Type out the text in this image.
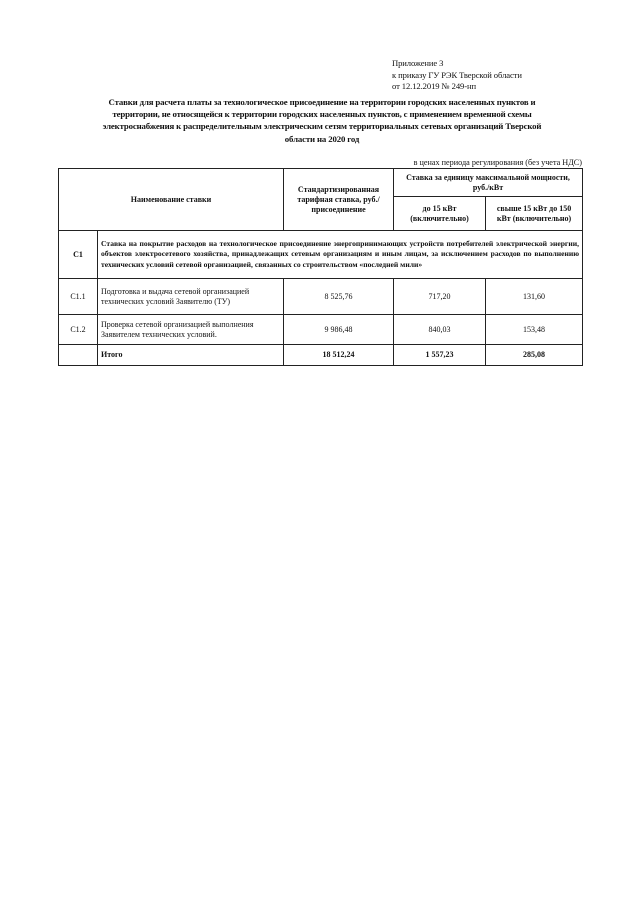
Приложение 3
к приказу ГУ РЭК Тверской области
от 12.12.2019 № 249-нп
Ставки для расчета платы за технологическое присоединение на территории городских населенных пунктов и
территории, не относящейся к территории городских населенных пунктов, с применением временной схемы
электроснабжения к распределительным электрическим сетям территориальных сетевых организаций Тверской
области на 2020 год
в ценах периода регулирования (без учета НДС)
Наименование ставки		Стандартизированная тарифная ставка, руб./присоединение	Ставка за единицу максимальной мощности, руб./кВт	
			до 15 кВт (включительно)	свыше 15 кВт до 150 кВт (включительно)
С1	Ставка на покрытие расходов на технологическое присоединение энергопринимающих устройств потребителей электрической энергии, объектов электросетевого хозяйства, принадлежащих сетевым организациям и иным лицам, за исключением расходов по выполнению технических условий сетевой организацией, связанных со строительством «последней мили»			
С1.1	Подготовка и выдача сетевой организацией технических условий Заявителю (ТУ)	8 525,76	717,20	131,60
С1.2	Проверка сетевой организацией выполнения Заявителем технических условий.	9 986,48	840,03	153,48
	Итого	18 512,24	1 557,23	285,08
